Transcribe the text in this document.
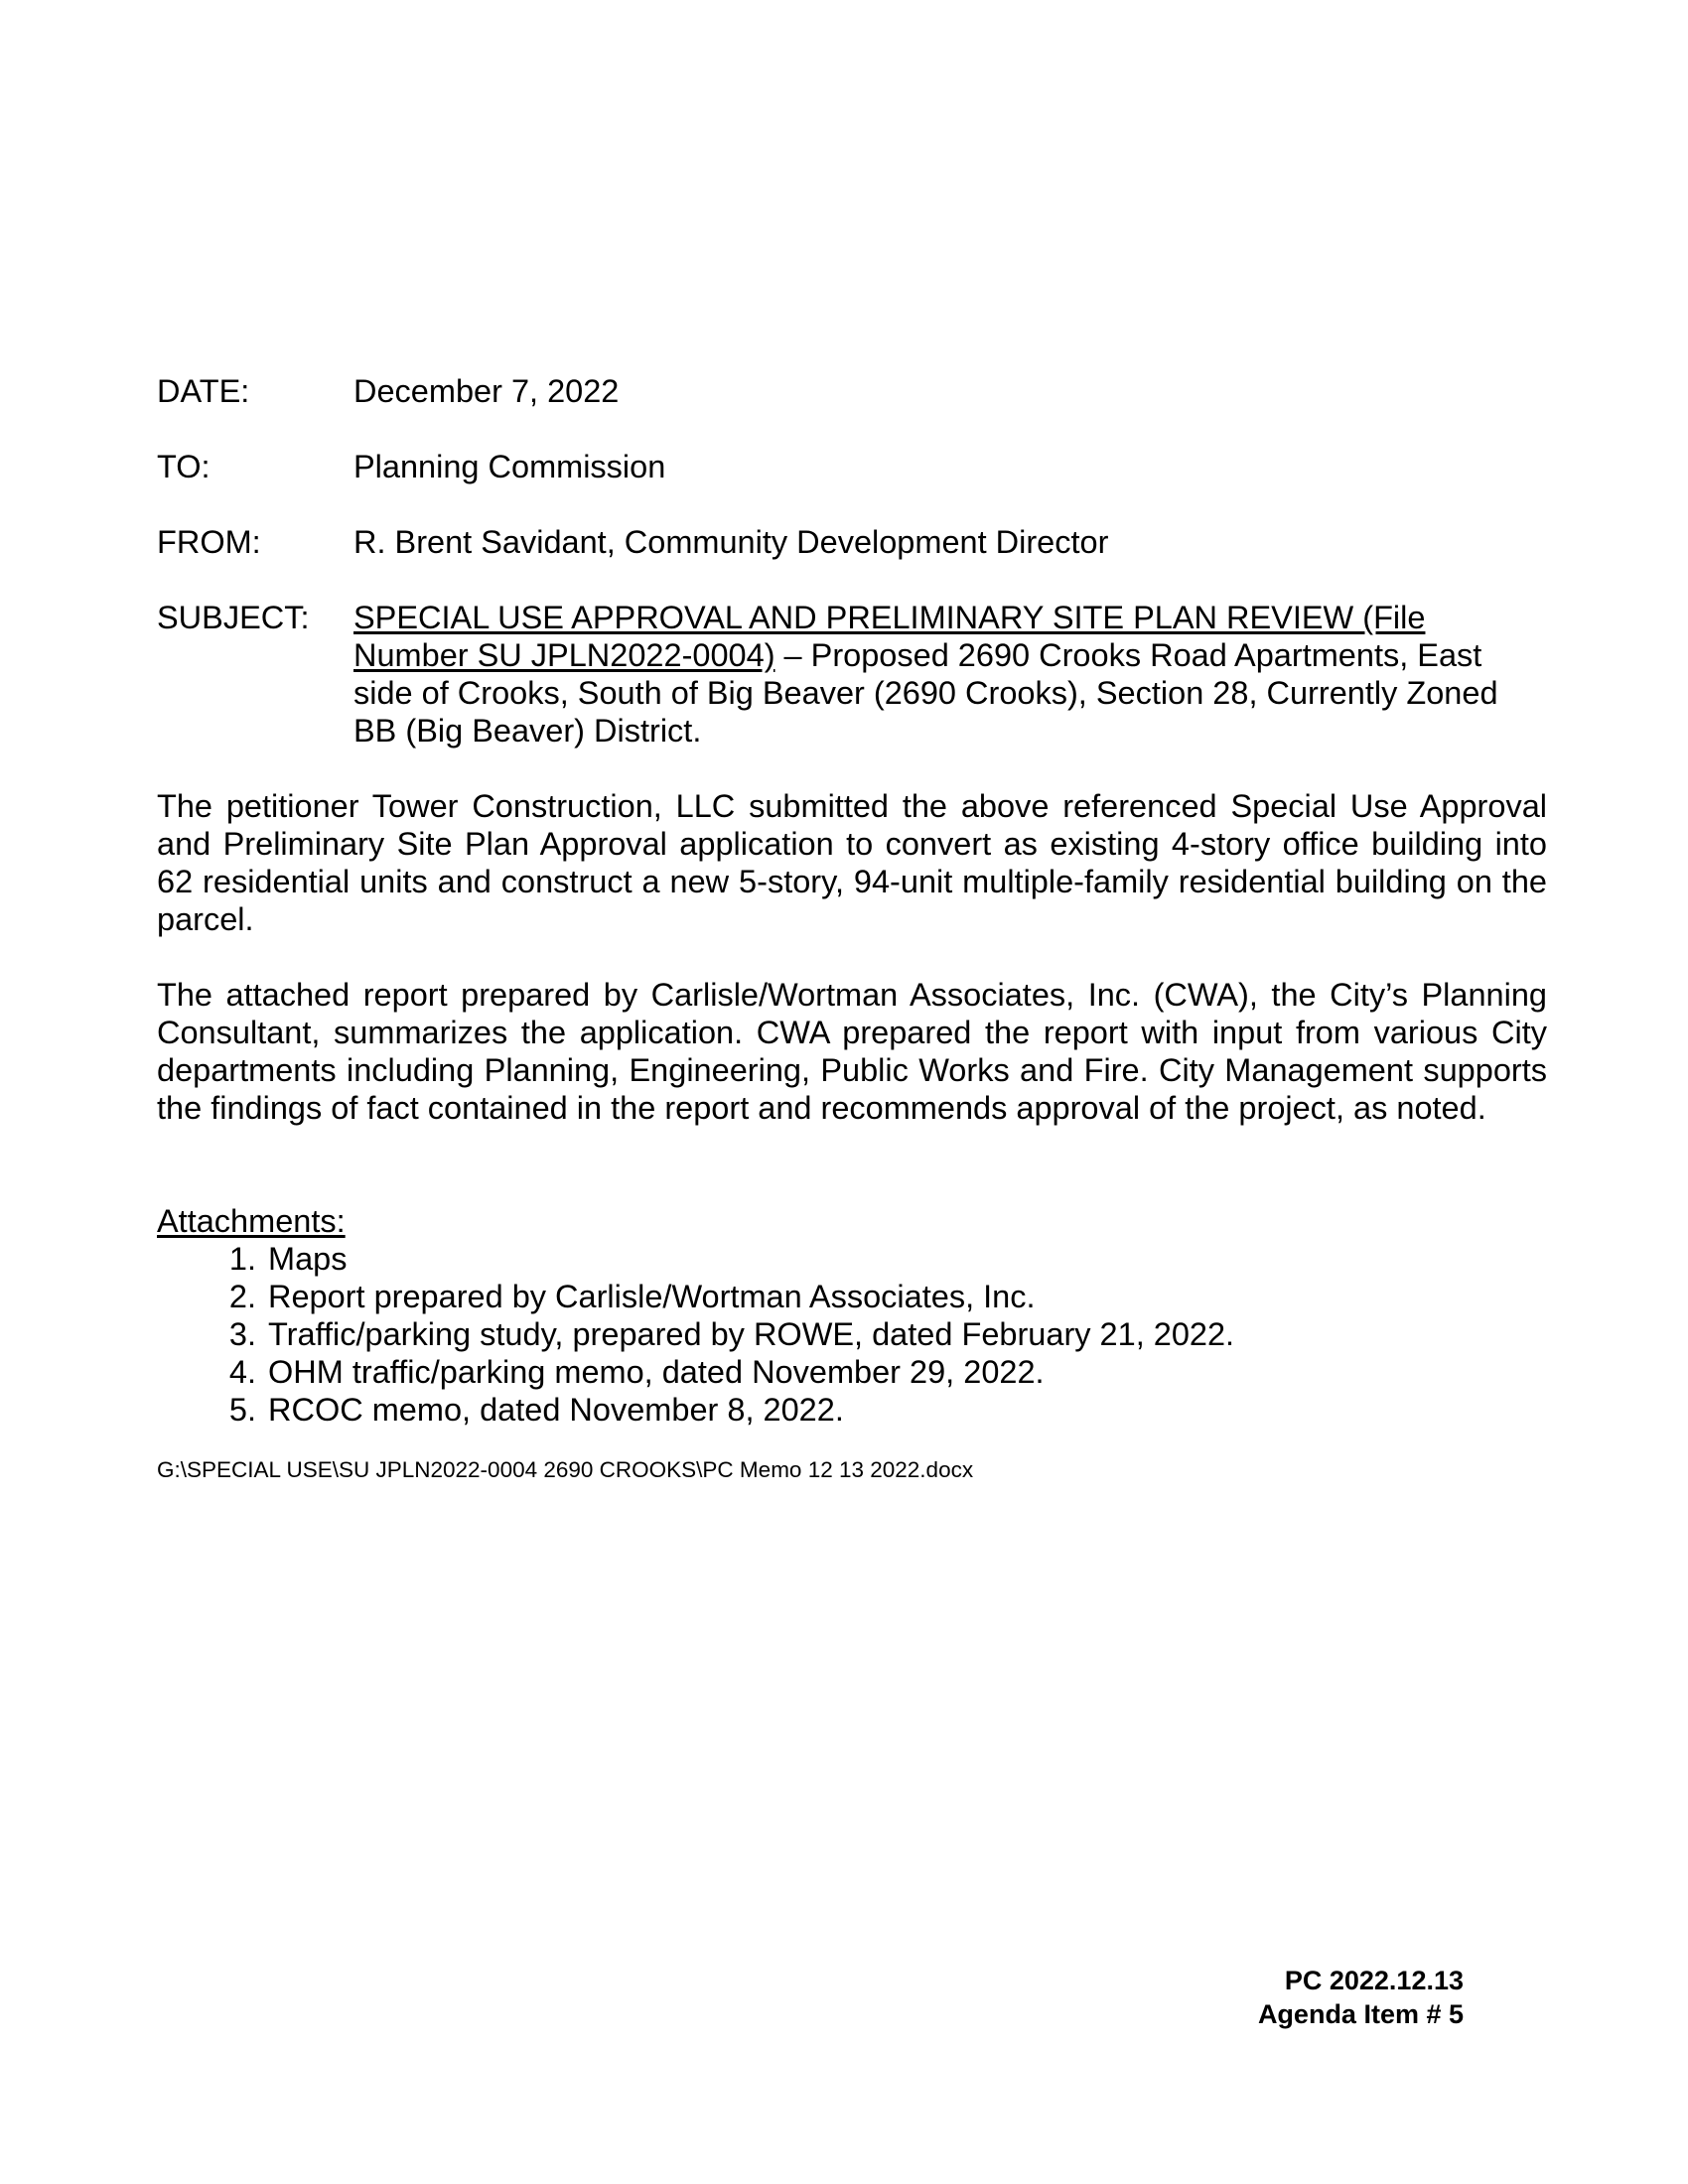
DATE:	December 7, 2022
TO:	Planning Commission
FROM:	R. Brent Savidant, Community Development Director
SUBJECT:	SPECIAL USE APPROVAL AND PRELIMINARY SITE PLAN REVIEW (File Number SU JPLN2022-0004) – Proposed 2690 Crooks Road Apartments, East side of Crooks, South of Big Beaver (2690 Crooks), Section 28, Currently Zoned BB (Big Beaver) District.

The petitioner Tower Construction, LLC submitted the above referenced Special Use Approval and Preliminary Site Plan Approval application to convert as existing 4-story office building into 62 residential units and construct a new 5-story, 94-unit multiple-family residential building on the parcel.

The attached report prepared by Carlisle/Wortman Associates, Inc. (CWA), the City’s Planning Consultant, summarizes the application. CWA prepared the report with input from various City departments including Planning, Engineering, Public Works and Fire. City Management supports the findings of fact contained in the report and recommends approval of the project, as noted.

Attachments:
1. Maps
2. Report prepared by Carlisle/Wortman Associates, Inc.
3. Traffic/parking study, prepared by ROWE, dated February 21, 2022.
4. OHM traffic/parking memo, dated November 29, 2022.
5. RCOC memo, dated November 8, 2022.
G:\SPECIAL USE\SU JPLN2022-0004 2690 CROOKS\PC Memo 12 13 2022.docx
PC 2022.12.13
Agenda Item # 5
